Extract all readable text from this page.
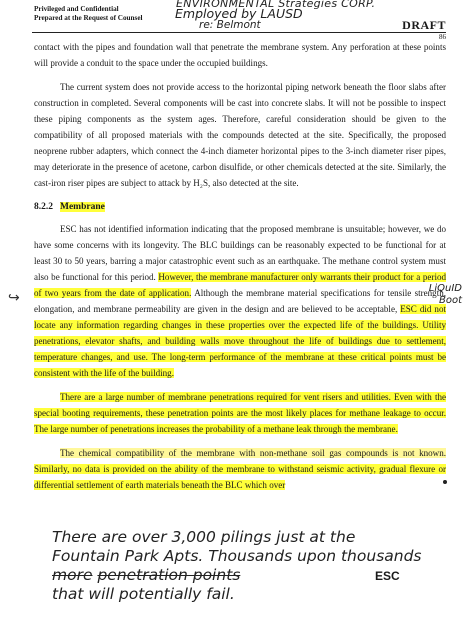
Privileged and Confidential
Prepared at the Request of Counsel	DRAFT
86
ENVIRONMENTAL Strategies CORP.
Employed by LAUSD
re: Belmont

contact with the pipes and foundation wall that penetrate the membrane system. Any perforation at these points will provide a conduit to the space under the occupied buildings.

The current system does not provide access to the horizontal piping network beneath the floor slabs after construction in completed. Several components will be cast into concrete slabs. It will not be possible to inspect these piping components as the system ages. Therefore, careful consideration should be given to the compatibility of all proposed materials with the compounds detected at the site. Specifically, the proposed neoprene rubber adapters, which connect the 4-inch diameter horizontal pipes to the 3-inch diameter riser pipes, may deteriorate in the presence of acetone, carbon disulfide, or other chemicals detected at the site. Similarly, the cast-iron riser pipes are subject to attack by H₂S, also detected at the site.

8.2.2 Membrane

ESC has not identified information indicating that the proposed membrane is unsuitable; however, we do have some concerns with its longevity. The BLC buildings can be reasonably expected to be functional for at least 30 to 50 years, barring a major catastrophic event such as an earthquake. The methane control system must also be functional for this period. However, the membrane manufacturer only warrants their product for a period of two years from the date of application. Although the membrane material specifications for tensile strength, elongation, and membrane permeability are given in the design and are believed to be acceptable, ESC did not locate any information regarding changes in these properties over the expected life of the buildings. Utility penetrations, elevator shafts, and building walls move throughout the life of buildings due to settlement, temperature changes, and use. The long-term performance of the membrane at these critical points must be consistent with the life of the building.

There are a large number of membrane penetrations required for vent risers and utilities. Even with the special booting requirements, these penetration points are the most likely places for methane leakage to occur. The large number of penetrations increases the probability of a methane leak through the membrane.

The chemical compatibility of the membrane with non-methane soil gas compounds is not known. Similarly, no data is provided on the ability of the membrane to withstand seismic activity, gradual flexure or differential settlement of earth materials beneath the BLC which over

↪
LiQuID
Boot
There are over 3,000 pilings just at the
Fountain Park Apts. Thousands upon thousands
more penetration points
that will potentially fail.
ESC
